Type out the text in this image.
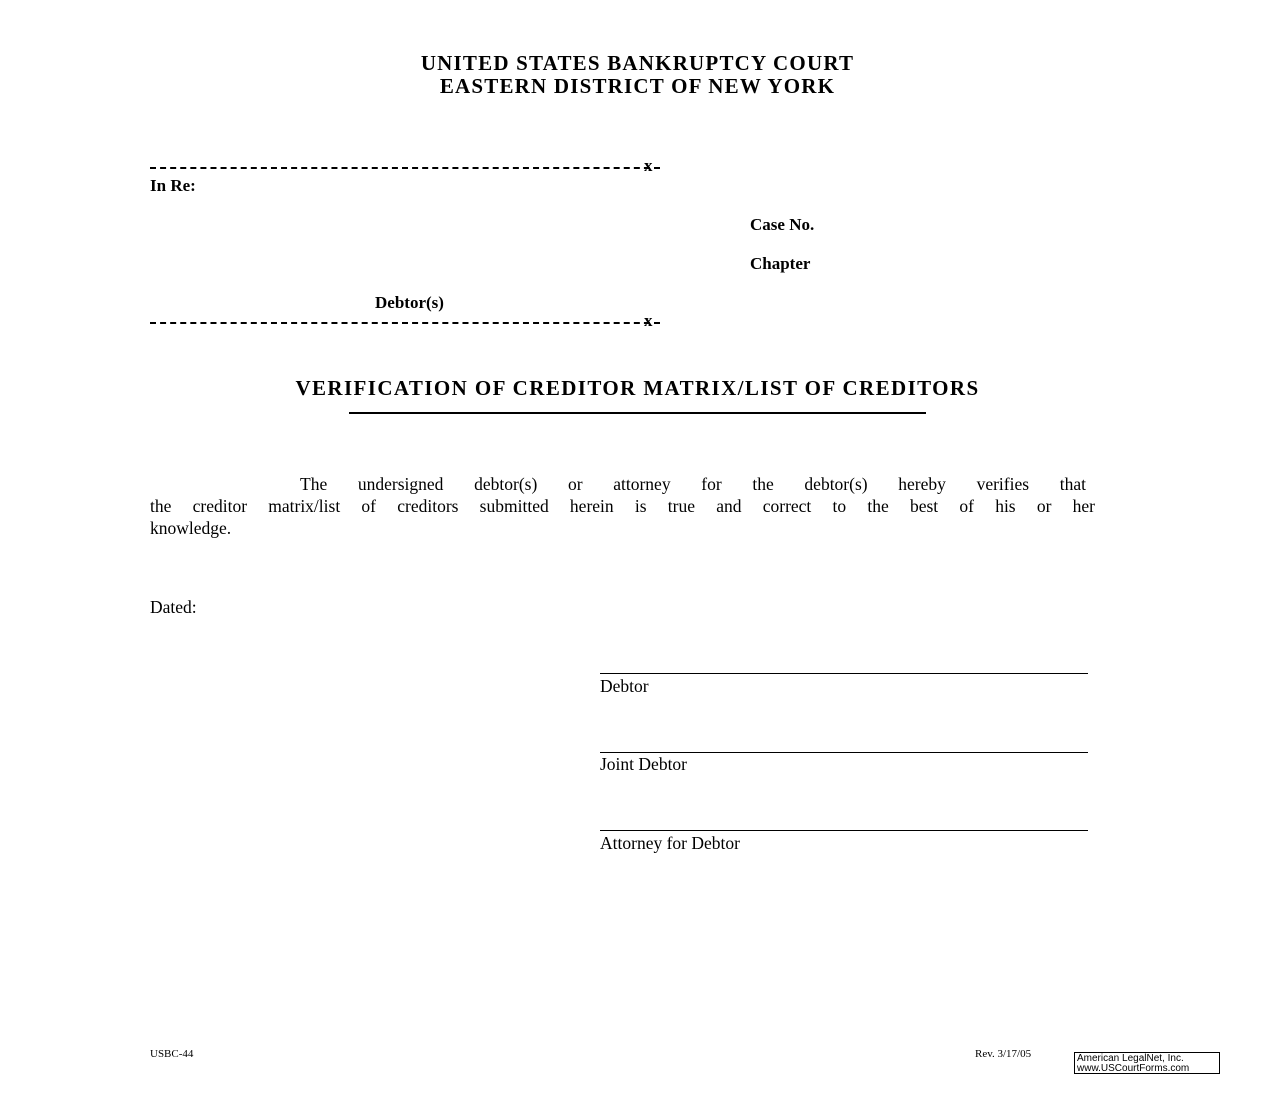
UNITED STATES BANKRUPTCY COURT
EASTERN DISTRICT OF NEW YORK
x
In Re:
Case No.
Chapter
Debtor(s)
x
VERIFICATION OF CREDITOR MATRIX/LIST OF CREDITORS
The undersigned debtor(s) or attorney for the debtor(s) hereby verifies that
the creditor matrix/list of creditors submitted herein is true and correct to the best of his or her
knowledge.
Dated:
Debtor
Joint Debtor
Attorney for Debtor
USBC-44	Rev. 3/17/05	American LegalNet, Inc.
www.USCourtForms.com
